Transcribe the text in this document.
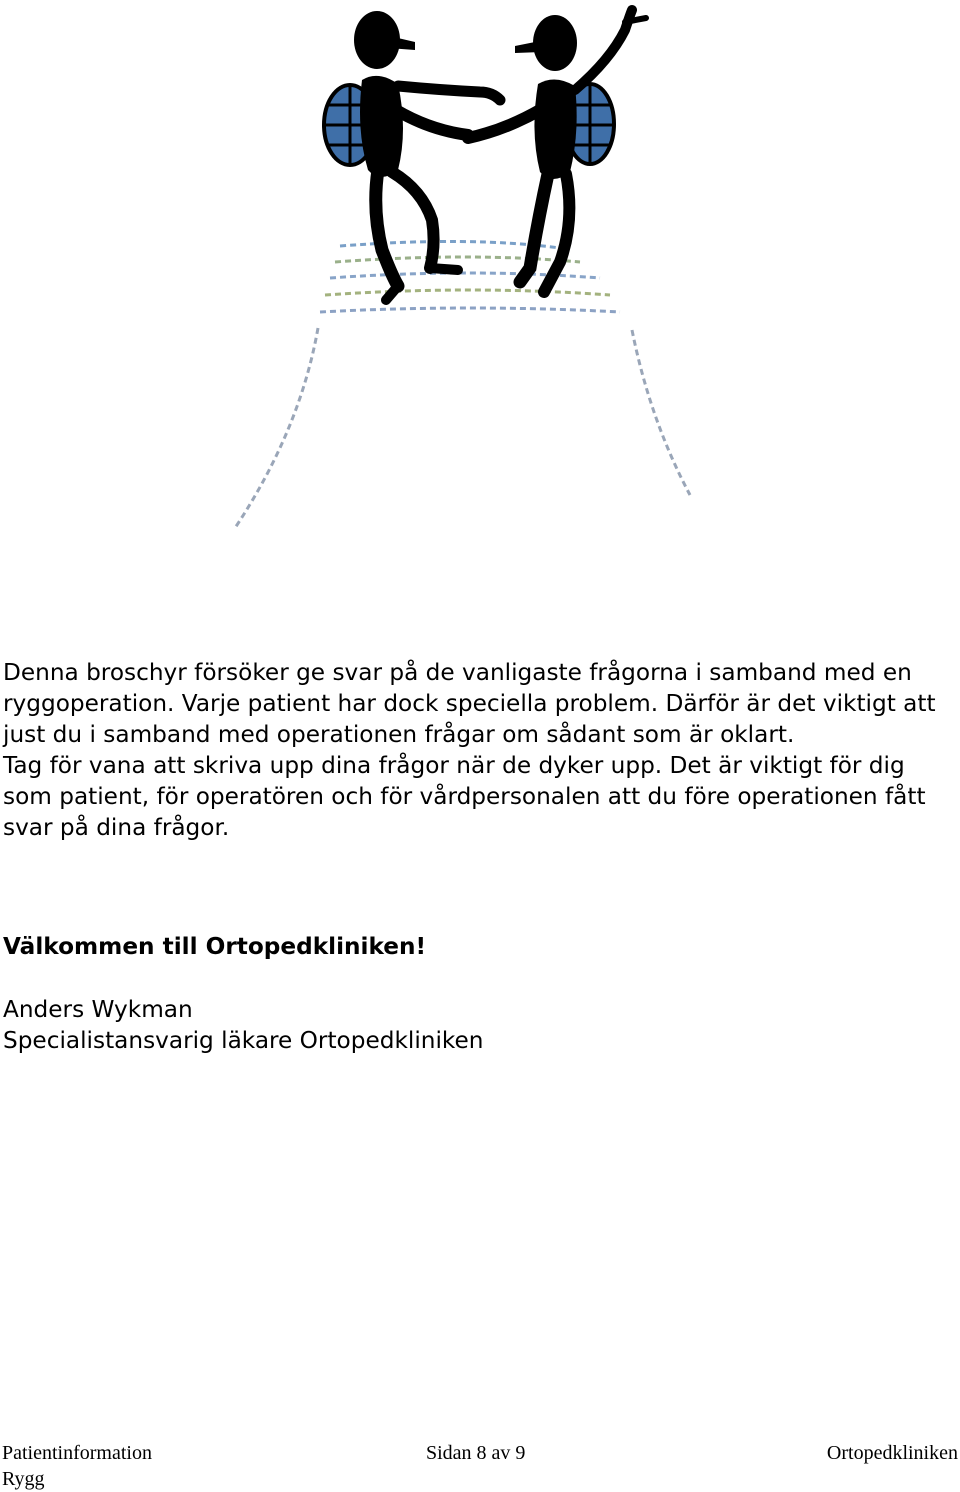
Denna broschyr försöker ge svar på de vanligaste frågorna i samband med en ryggoperation. Varje patient har dock speciella problem. Därför är det viktigt att just du i samband med operationen frågar om sådant som är oklart.

Tag för vana att skriva upp dina frågor när de dyker upp. Det är viktigt för dig som patient, för operatören och för vårdpersonalen att du före operationen fått svar på dina frågor.

Välkommen till Ortopedkliniken!
Anders Wykman
Specialistansvarig läkare Ortopedkliniken
Patientinformation
Rygg
Sidan 8 av 9	Ortopedkliniken
